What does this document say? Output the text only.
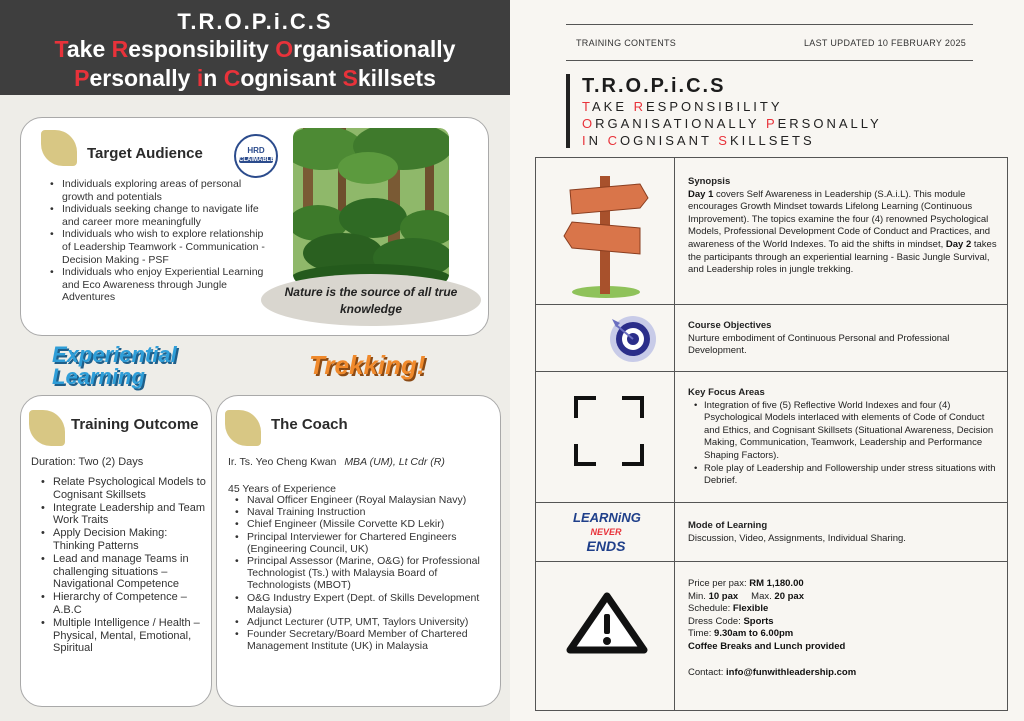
T.R.O.P.i.C.S
Take Responsibility Organisationally
Personally in Cognisant Skillsets
Target Audience	HRD
CLAIMABLE
• Individuals exploring areas of personal growth and potentials
• Individuals seeking change to navigate life and career more meaningfully
• Individuals who wish to explore relationship of Leadership Teamwork - Communication - Decision Making - PSF
• Individuals who enjoy Experiential Learning and Eco Awareness through Jungle Adventures	Nature is the source of all true knowledge
Experiential
Learning	Trekking!
Training Outcome
Duration: Two (2) Days
• Relate Psychological Models to Cognisant Skillsets
• Integrate Leadership and Team Work Traits
• Apply Decision Making: Thinking Patterns
• Lead and manage Teams in challenging situations – Navigational Competence
• Hierarchy of Competence – A.B.C
• Multiple Intelligence / Health – Physical, Mental, Emotional, Spiritual
The Coach
Ir. Ts. Yeo Cheng Kwan MBA (UM), Lt Cdr (R)
45 Years of Experience
• Naval Officer Engineer (Royal Malaysian Navy)
• Naval Training Instruction
• Chief Engineer (Missile Corvette KD Lekir)
• Principal Interviewer for Chartered Engineers (Engineering Council, UK)
• Principal Assessor (Marine, O&G) for Professional Technologist (Ts.) with Malaysia Board of Technologists (MBOT)
• O&G Industry Expert (Dept. of Skills Development Malaysia)
• Adjunct Lecturer (UTP, UMT, Taylors University)
• Founder Secretary/Board Member of Chartered Management Institute (UK) in Malaysia
TRAINING CONTENTS	LAST UPDATED 10 FEBRUARY 2025
T.R.O.P.i.C.S
TAKE RESPONSIBILITY
ORGANISATIONALLY PERSONALLY
IN COGNISANT SKILLSETS
Synopsis
Day 1 covers Self Awareness in Leadership (S.A.i.L). This module encourages Growth Mindset towards Lifelong Learning (Continuous Improvement). The topics examine the four (4) renowned Psychological Models, Professional Development Code of Conduct and Practices, and awareness of the World Indexes. To aid the shifts in mindset, Day 2 takes the participants through an experiential learning - Basic Jungle Survival, and Leadership roles in jungle trekking.
Course Objectives
Nurture embodiment of Continuous Personal and Professional Development.
Key Focus Areas
• Integration of five (5) Reflective World Indexes and four (4) Psychological Models interlaced with elements of Code of Conduct and Ethics, and Cognisant Skillsets (Situational Awareness, Decision Making, Communication, Teamwork, Leadership and Performance Shaping Factors).
• Role play of Leadership and Followership under stress situations with Debrief.
LEARNiNG
NEVER
ENDS
Mode of Learning
Discussion, Video, Assignments, Individual Sharing.
Price per pax: RM 1,180.00
Min. 10 pax Max. 20 pax
Schedule: Flexible
Dress Code: Sports
Time: 9.30am to 6.00pm
Coffee Breaks and Lunch provided
Contact: info@funwithleadership.com
